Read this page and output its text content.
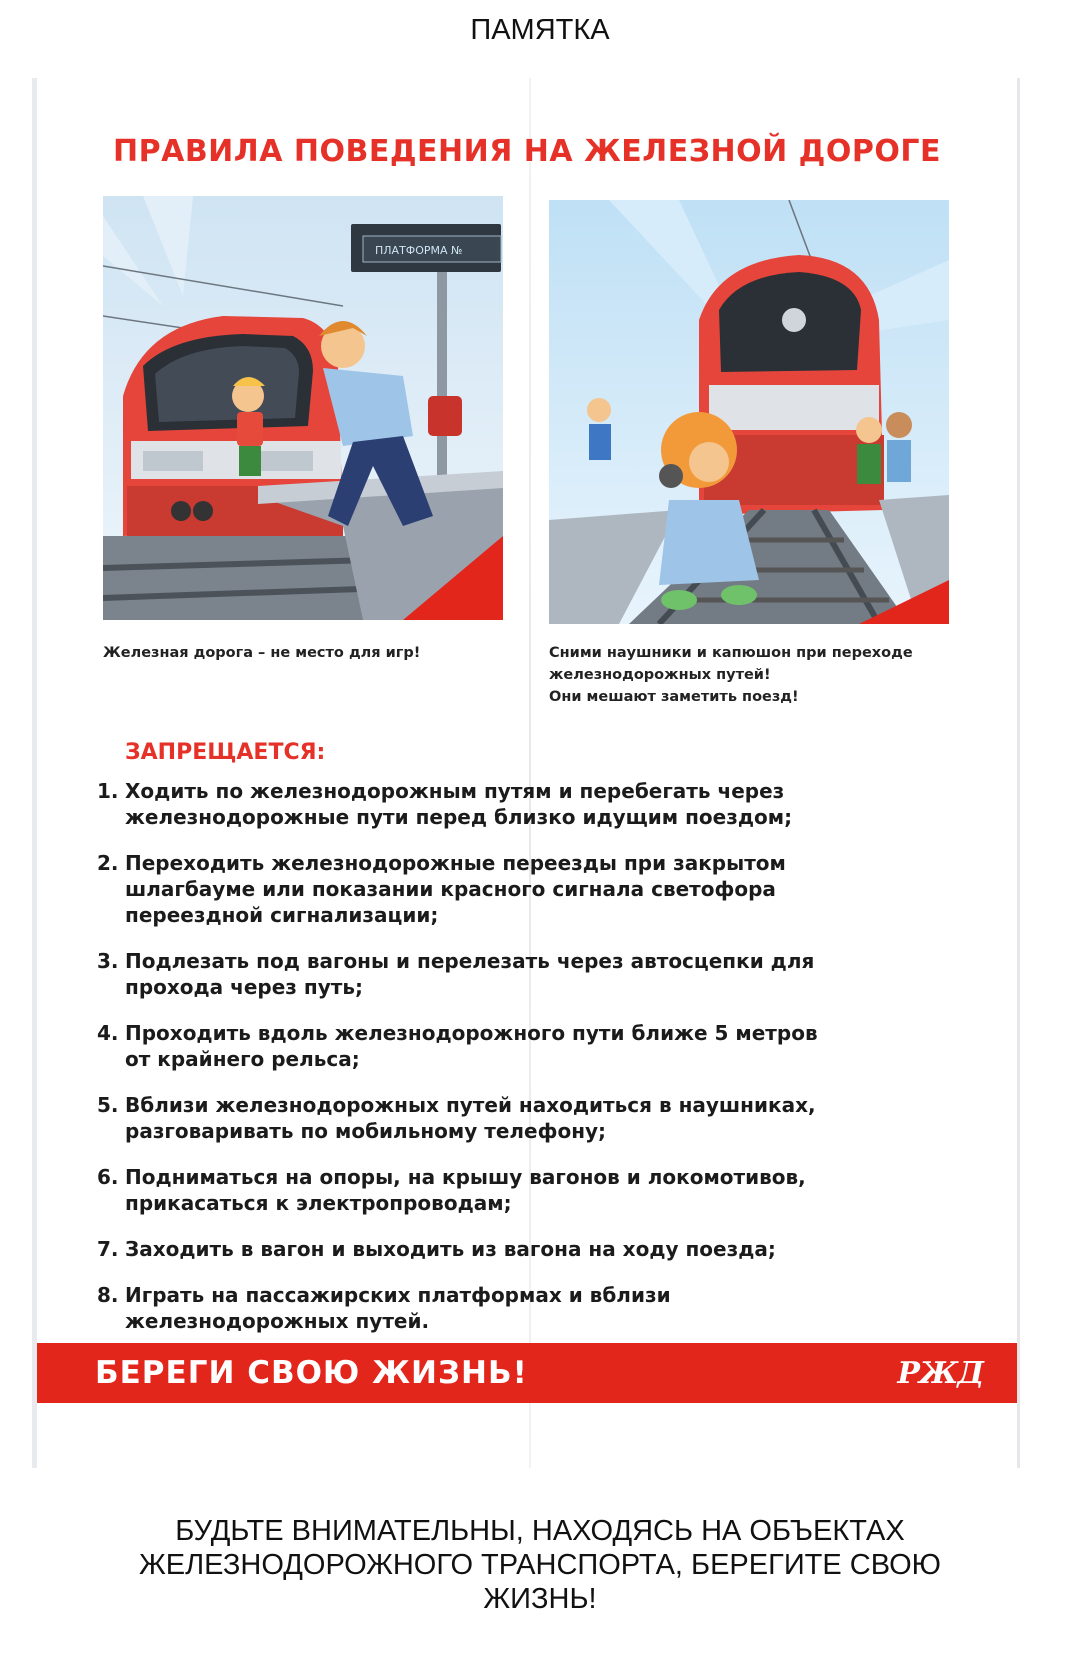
ПАМЯТКА
ПРАВИЛА ПОВЕДЕНИЯ НА ЖЕЛЕЗНОЙ ДОРОГЕ
ПЛАТФОРМА №
Железная дорога – не место для игр!	Сними наушники и капюшон при переходе
железнодорожных путей!
Они мешают заметить поезд!
ЗАПРЕЩАЕТСЯ:
1. Ходить по железнодорожным путям и перебегать через
железнодорожные пути перед близко идущим поездом;
2. Переходить железнодорожные переезды при закрытом
шлагбауме или показании красного сигнала светофора
переездной сигнализации;
3. Подлезать под вагоны и перелезать через автосцепки для
прохода через путь;
4. Проходить вдоль железнодорожного пути ближе 5 метров
от крайнего рельса;
5. Вблизи железнодорожных путей находиться в наушниках,
разговаривать по мобильному телефону;
6. Подниматься на опоры, на крышу вагонов и локомотивов,
прикасаться к электропроводам;
7. Заходить в вагон и выходить из вагона на ходу поезда;
8. Играть на пассажирских платформах и вблизи
железнодорожных путей.
БЕРЕГИ СВОЮ ЖИЗНЬ!	РЖД
БУДЬТЕ ВНИМАТЕЛЬНЫ, НАХОДЯСЬ НА ОБЪЕКТАХ
ЖЕЛЕЗНОДОРОЖНОГО ТРАНСПОРТА, БЕРЕГИТЕ СВОЮ
ЖИЗНЬ!
